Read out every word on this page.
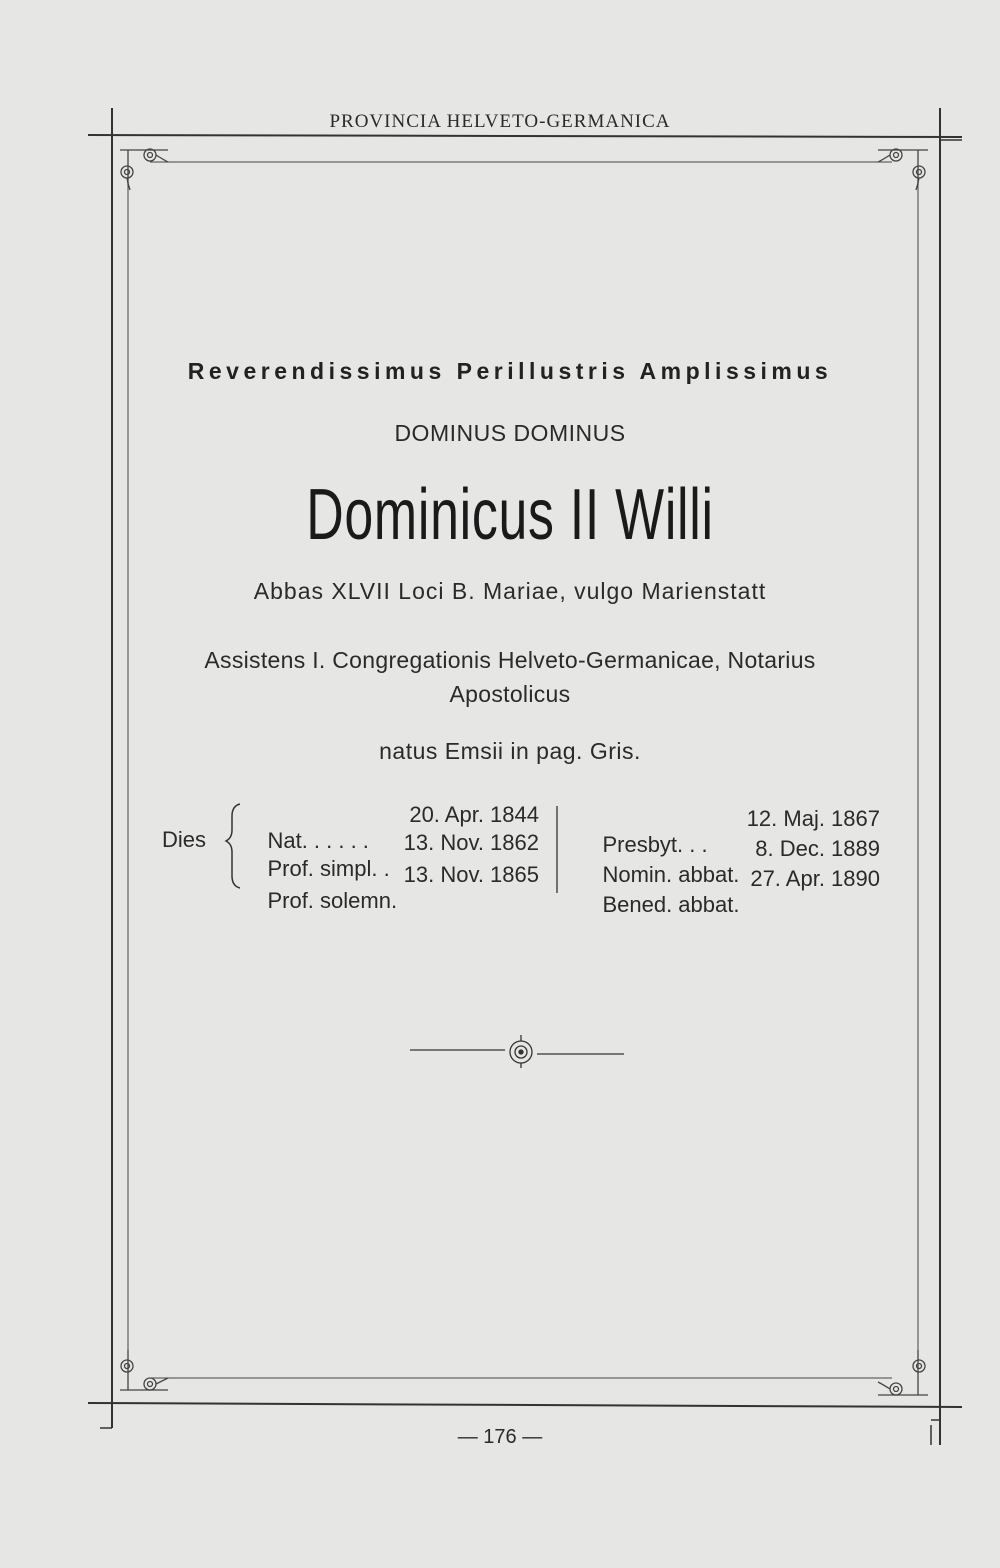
PROVINCIA HELVETO-GERMANICA
Reverendissimus Perillustris Amplissimus
DOMINUS DOMINUS
Dominicus II Willi
Abbas XLVII Loci B. Mariae, vulgo Marienstatt
Assistens I. Congregationis Helveto-Germanicae, Notarius
Apostolicus
natus Emsii in pag. Gris.
Dies	Nat. . . . . .

20. Apr. 1844

Prof. simpl. .

13. Nov. 1862

Prof. solemn.

13. Nov. 1865

Presbyt. . .

12. Maj. 1867

Nomin. abbat.

8. Dec. 1889

Bened. abbat.

27. Apr. 1890
— 176 —
